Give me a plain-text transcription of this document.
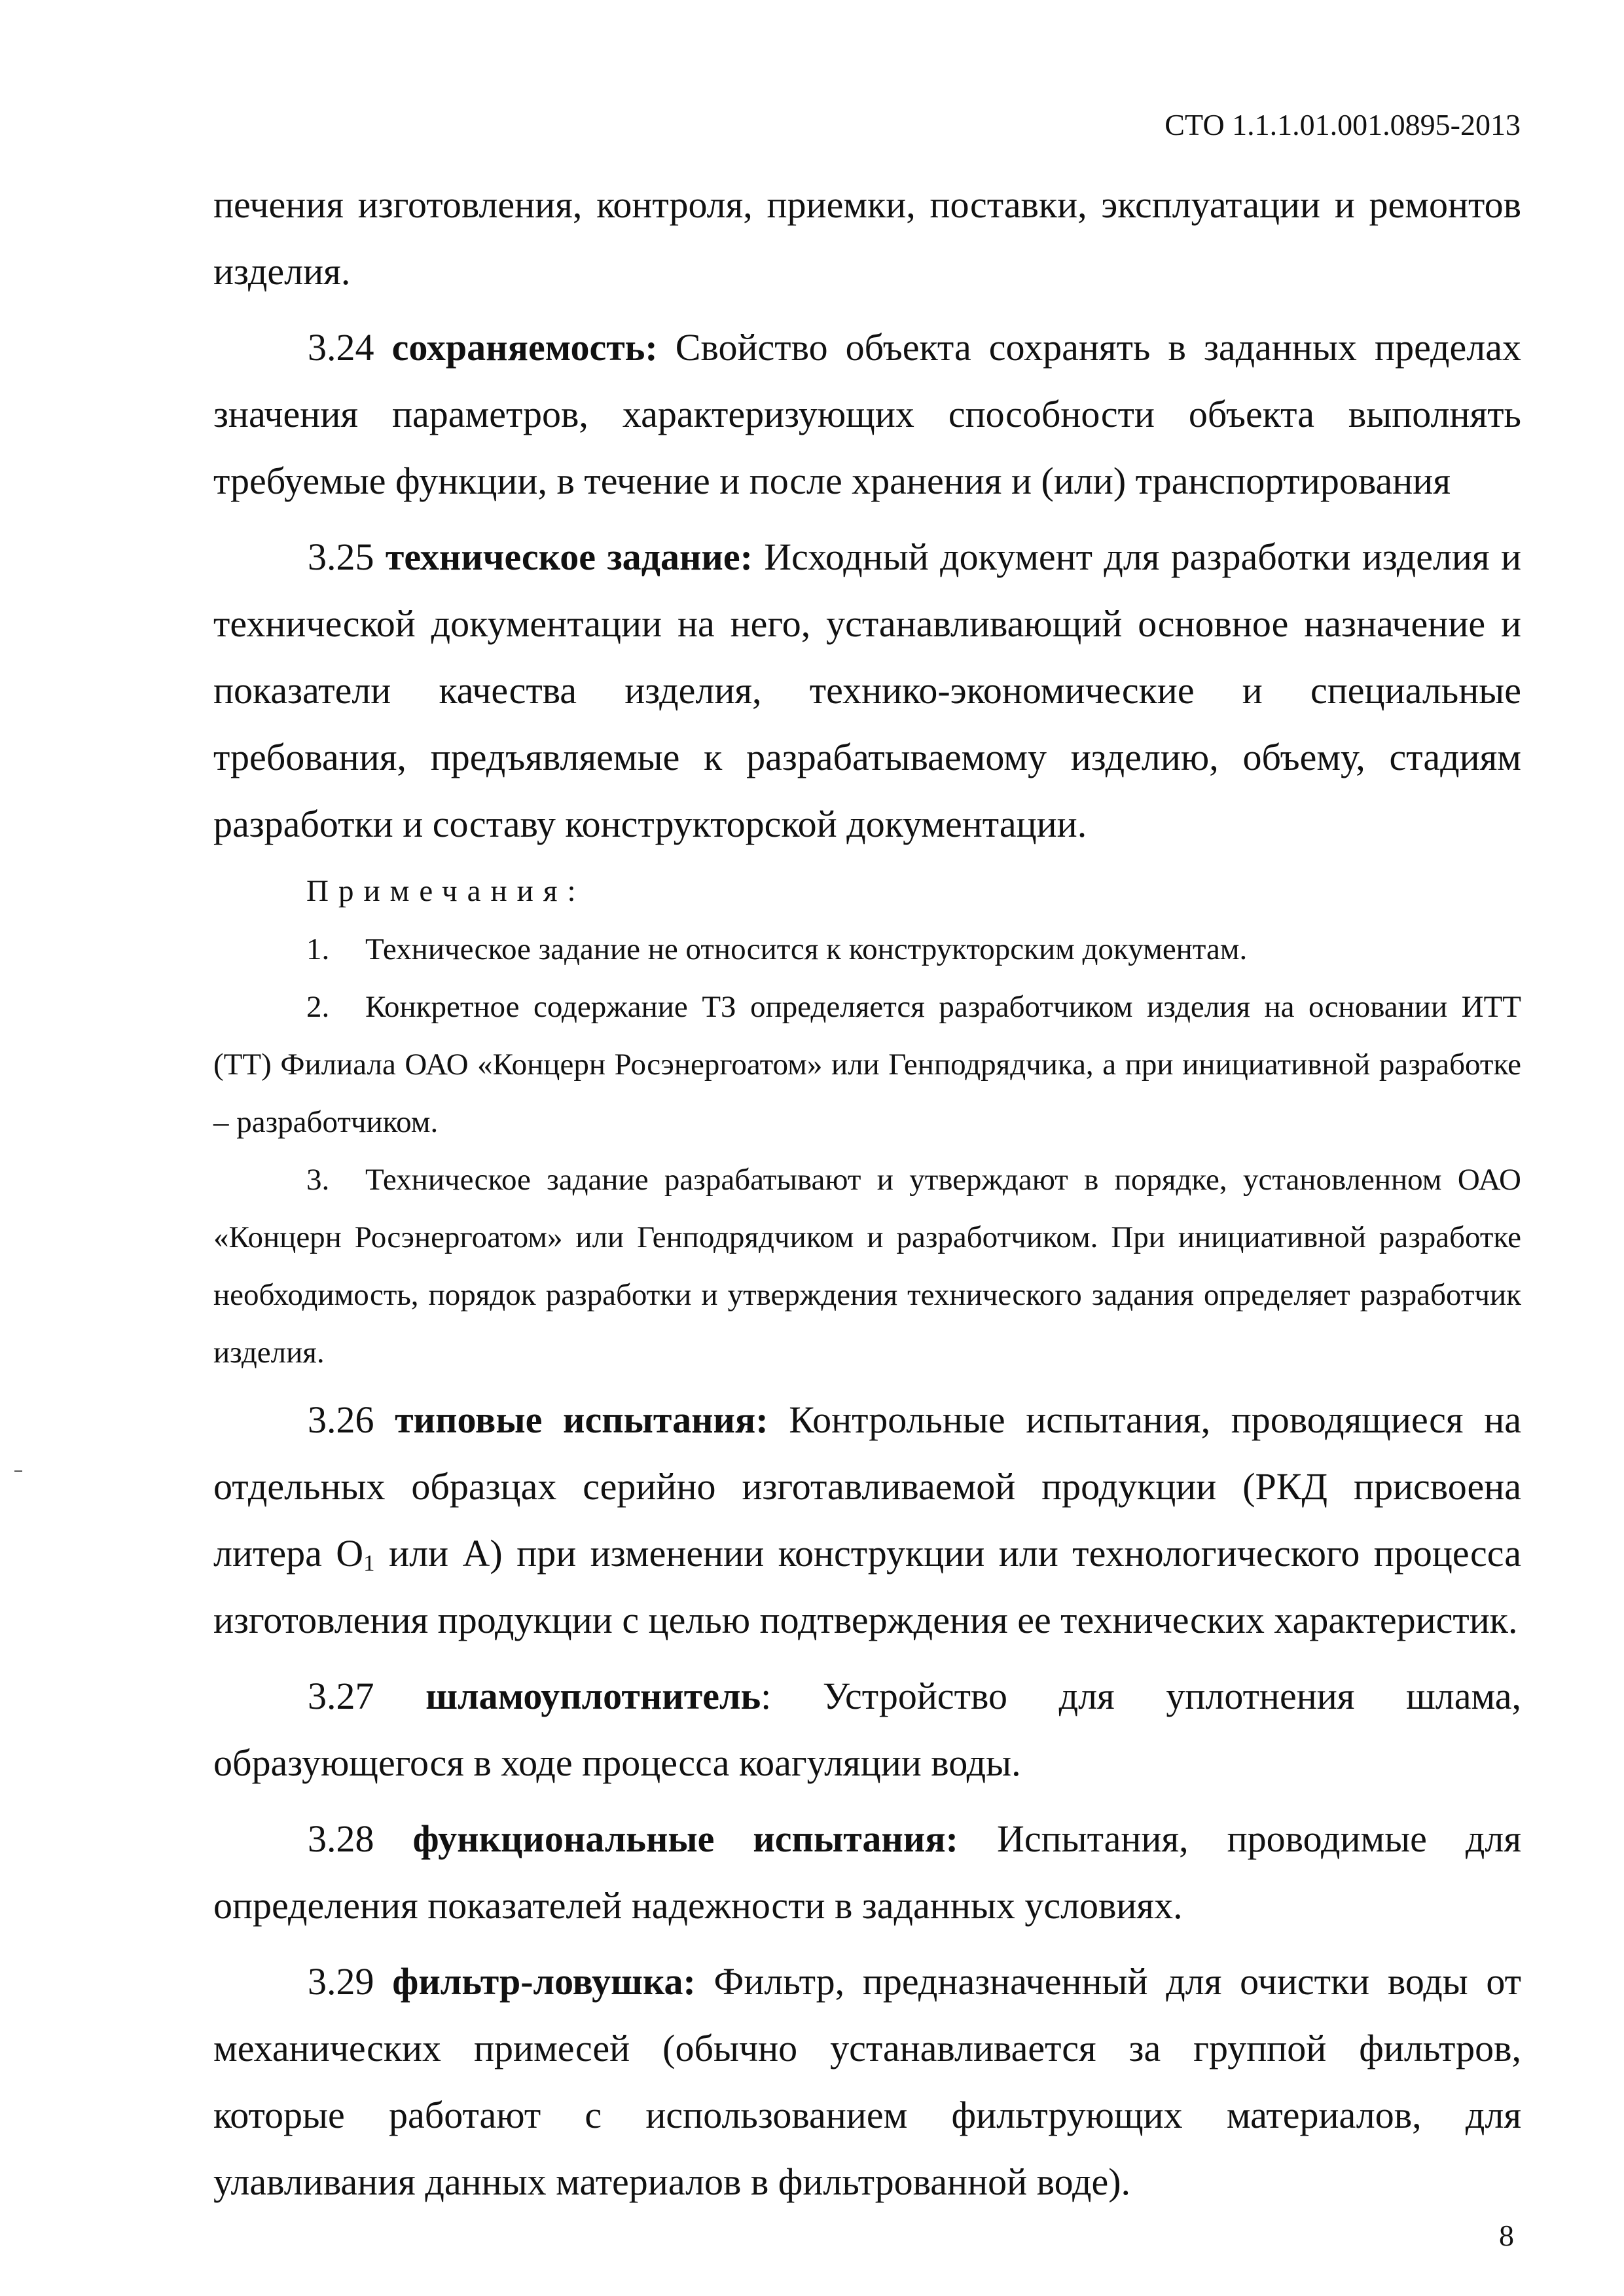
СТО 1.1.1.01.001.0895-2013

печения изготовления, контроля, приемки, поставки, эксплуатации и ремонтов изделия.

3.24 сохраняемость: Свойство объекта сохранять в заданных пределах значения параметров, характеризующих способности объекта выполнять требуемые функции, в течение и после хранения и (или) транспортирования

3.25 техническое задание: Исходный документ для разработки изделия и технической документации на него, устанавливающий основное назначение и показатели качества изделия, технико-экономические и специальные требования, предъявляемые к разрабатываемому изделию, объему, стадиям разработки и составу конструкторской документации.

Примечания:

1. Техническое задание не относится к конструкторским документам.

2. Конкретное содержание ТЗ определяется разработчиком изделия на основании ИТТ (ТТ) Филиала ОАО «Концерн Росэнергоатом» или Генподрядчика, а при инициативной разработке – разработчиком.

3. Техническое задание разрабатывают и утверждают в порядке, установленном ОАО «Концерн Росэнергоатом» или Генподрядчиком и разработчиком. При инициативной разработке необходимость, порядок разработки и утверждения технического задания определяет разработчик изделия.

3.26 типовые испытания: Контрольные испытания, проводящиеся на отдельных образцах серийно изготавливаемой продукции (РКД присвоена литера $О_1$ или А) при изменении конструкции или технологического процесса изготовления продукции с целью подтверждения ее технических характеристик.

3.27 шламоуплотнитель: Устройство для уплотнения шлама, образующегося в ходе процесса коагуляции воды.

3.28 функциональные испытания: Испытания, проводимые для определения показателей надежности в заданных условиях.

3.29 фильтр-ловушка: Фильтр, предназначенный для очистки воды от механических примесей (обычно устанавливается за группой фильтров, которые работают с использованием фильтрующих материалов, для улавливания данных материалов в фильтрованной воде).

8
